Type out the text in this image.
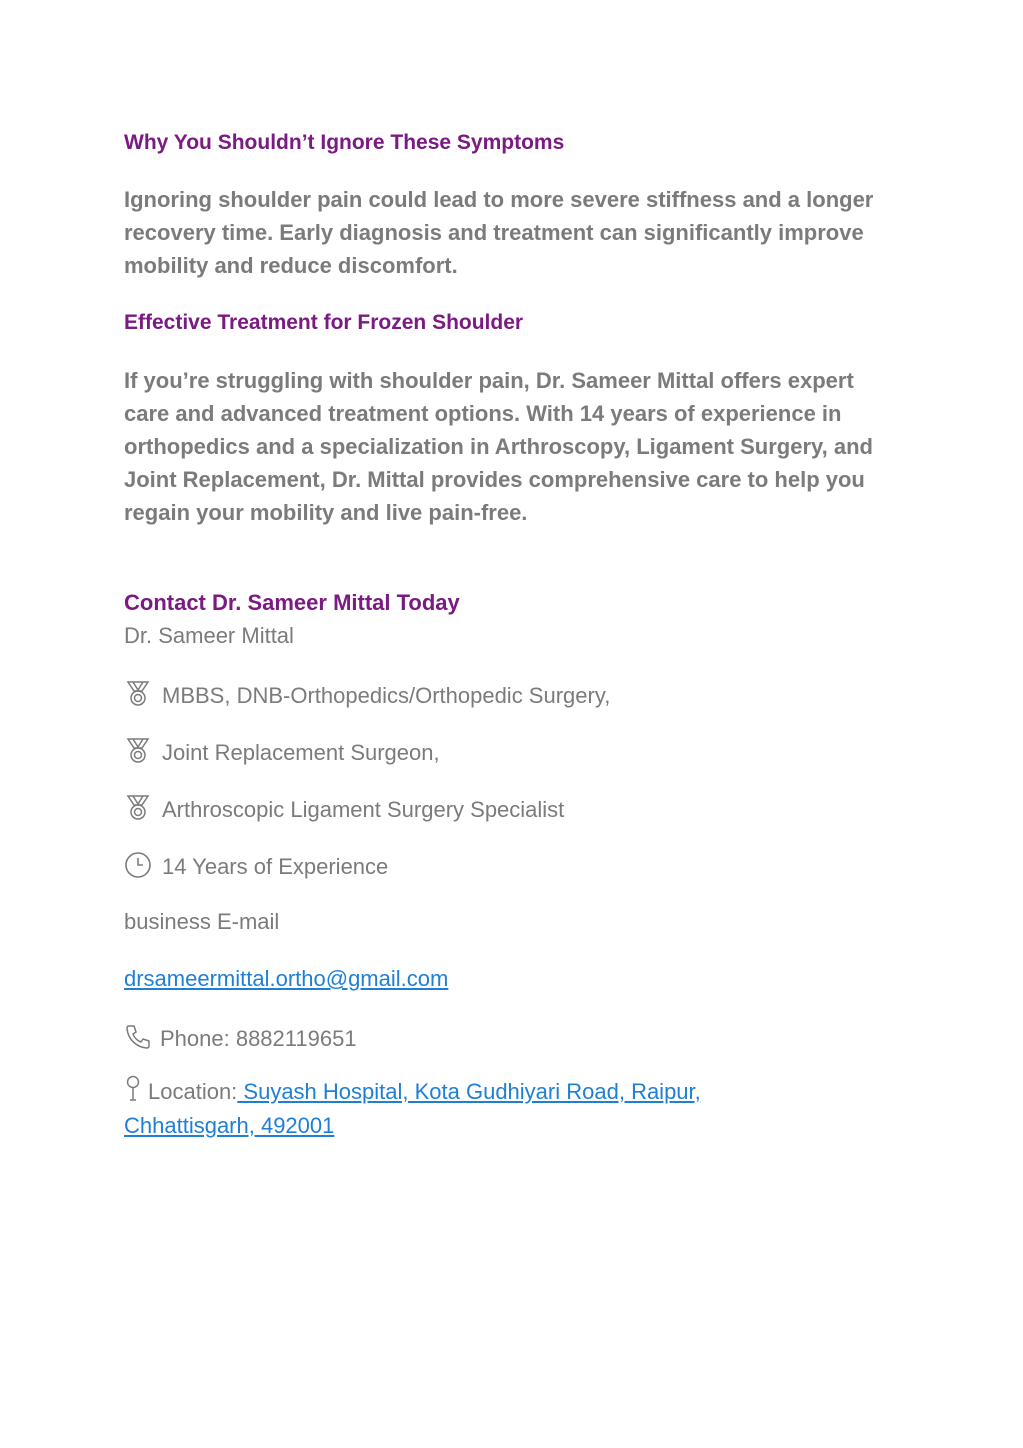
Why You Shouldn’t Ignore These Symptoms

Ignoring shoulder pain could lead to more severe stiffness and a longer recovery time. Early diagnosis and treatment can significantly improve mobility and reduce discomfort.

Effective Treatment for Frozen Shoulder

If you’re struggling with shoulder pain, Dr. Sameer Mittal offers expert care and advanced treatment options. With 14 years of experience in orthopedics and a specialization in Arthroscopy, Ligament Surgery, and Joint Replacement, Dr. Mittal provides comprehensive care to help you regain your mobility and live pain-free.

Contact Dr. Sameer Mittal Today
Dr. Sameer Mittal
MBBS, DNB-Orthopedics/Orthopedic Surgery,
Joint Replacement Surgeon,
Arthroscopic Ligament Surgery Specialist
14 Years of Experience
business E-mail
drsameermittal.ortho@gmail.com
Phone: 8882119651
Location: Suyash Hospital, Kota Gudhiyari Road, Raipur,
Chhattisgarh, 492001
